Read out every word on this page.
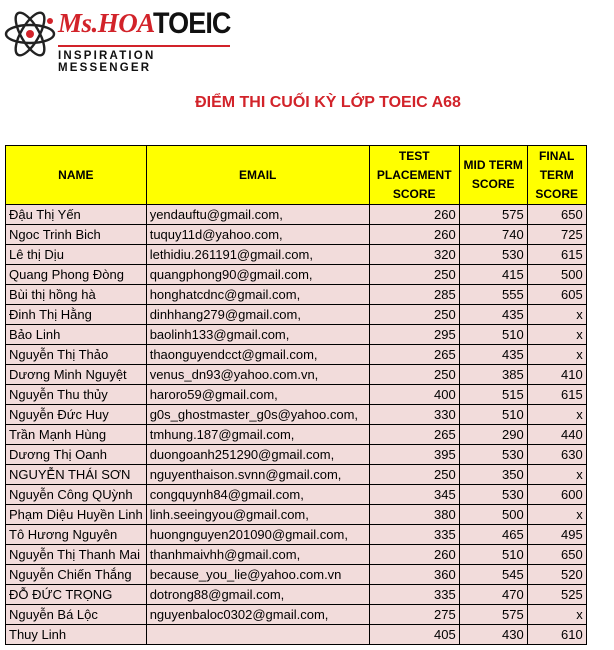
Ms.HOA
TOEIC
INSPIRATION MESSENGER
ĐIỂM THI CUỐI KỲ LỚP TOEIC A68
NAME	EMAIL	TEST PLACEMENT SCORE	MID TERM SCORE	FINAL TERM SCORE
Đậu Thị Yến	yendauftu@gmail.com,	260	575	650
Ngoc Trinh Bich	tuquy11d@yahoo.com,	260	740	725
Lê thị Dịu	lethidiu.261191@gmail.com,	320	530	615
Quang Phong Đòng	quangphong90@gmail.com,	250	415	500
Bùi thị hồng hà	honghatcdnc@gmail.com,	285	555	605
Đinh Thị Hằng	dinhhang279@gmail.com,	250	435	x
Bảo Linh	baolinh133@gmail.com,	295	510	x
Nguyễn Thị Thảo	thaonguyendcct@gmail.com,	265	435	x
Dương Minh Nguyệt	venus_dn93@yahoo.com.vn,	250	385	410
Nguyễn Thu thủy	haroro59@gmail.com,	400	515	615
Nguyễn Đức Huy	g0s_ghostmaster_g0s@yahoo.com,	330	510	x
Trần Mạnh Hùng	tmhung.187@gmail.com,	265	290	440
Dương Thị Oanh	duongoanh251290@gmail.com,	395	530	630
NGUYỄN THÁI SƠN	nguyenthaison.svnn@gmail.com,	250	350	x
Nguyễn Công QUỳnh	congquynh84@gmail.com,	345	530	600
Phạm Diệu Huyền Linh	linh.seeingyou@gmail.com,	380	500	x
Tô Hương Nguyên	huongnguyen201090@gmail.com,	335	465	495
Nguyễn Thị Thanh Mai	thanhmaivhh@gmail.com,	260	510	650
Nguyễn Chiến Thắng	because_you_lie@yahoo.com.vn	360	545	520
ĐỖ ĐỨC TRỌNG	dotrong88@gmail.com,	335	470	525
Nguyễn Bá Lộc	nguyenbaloc0302@gmail.com,	275	575	x
Thuy Linh		405	430	610
